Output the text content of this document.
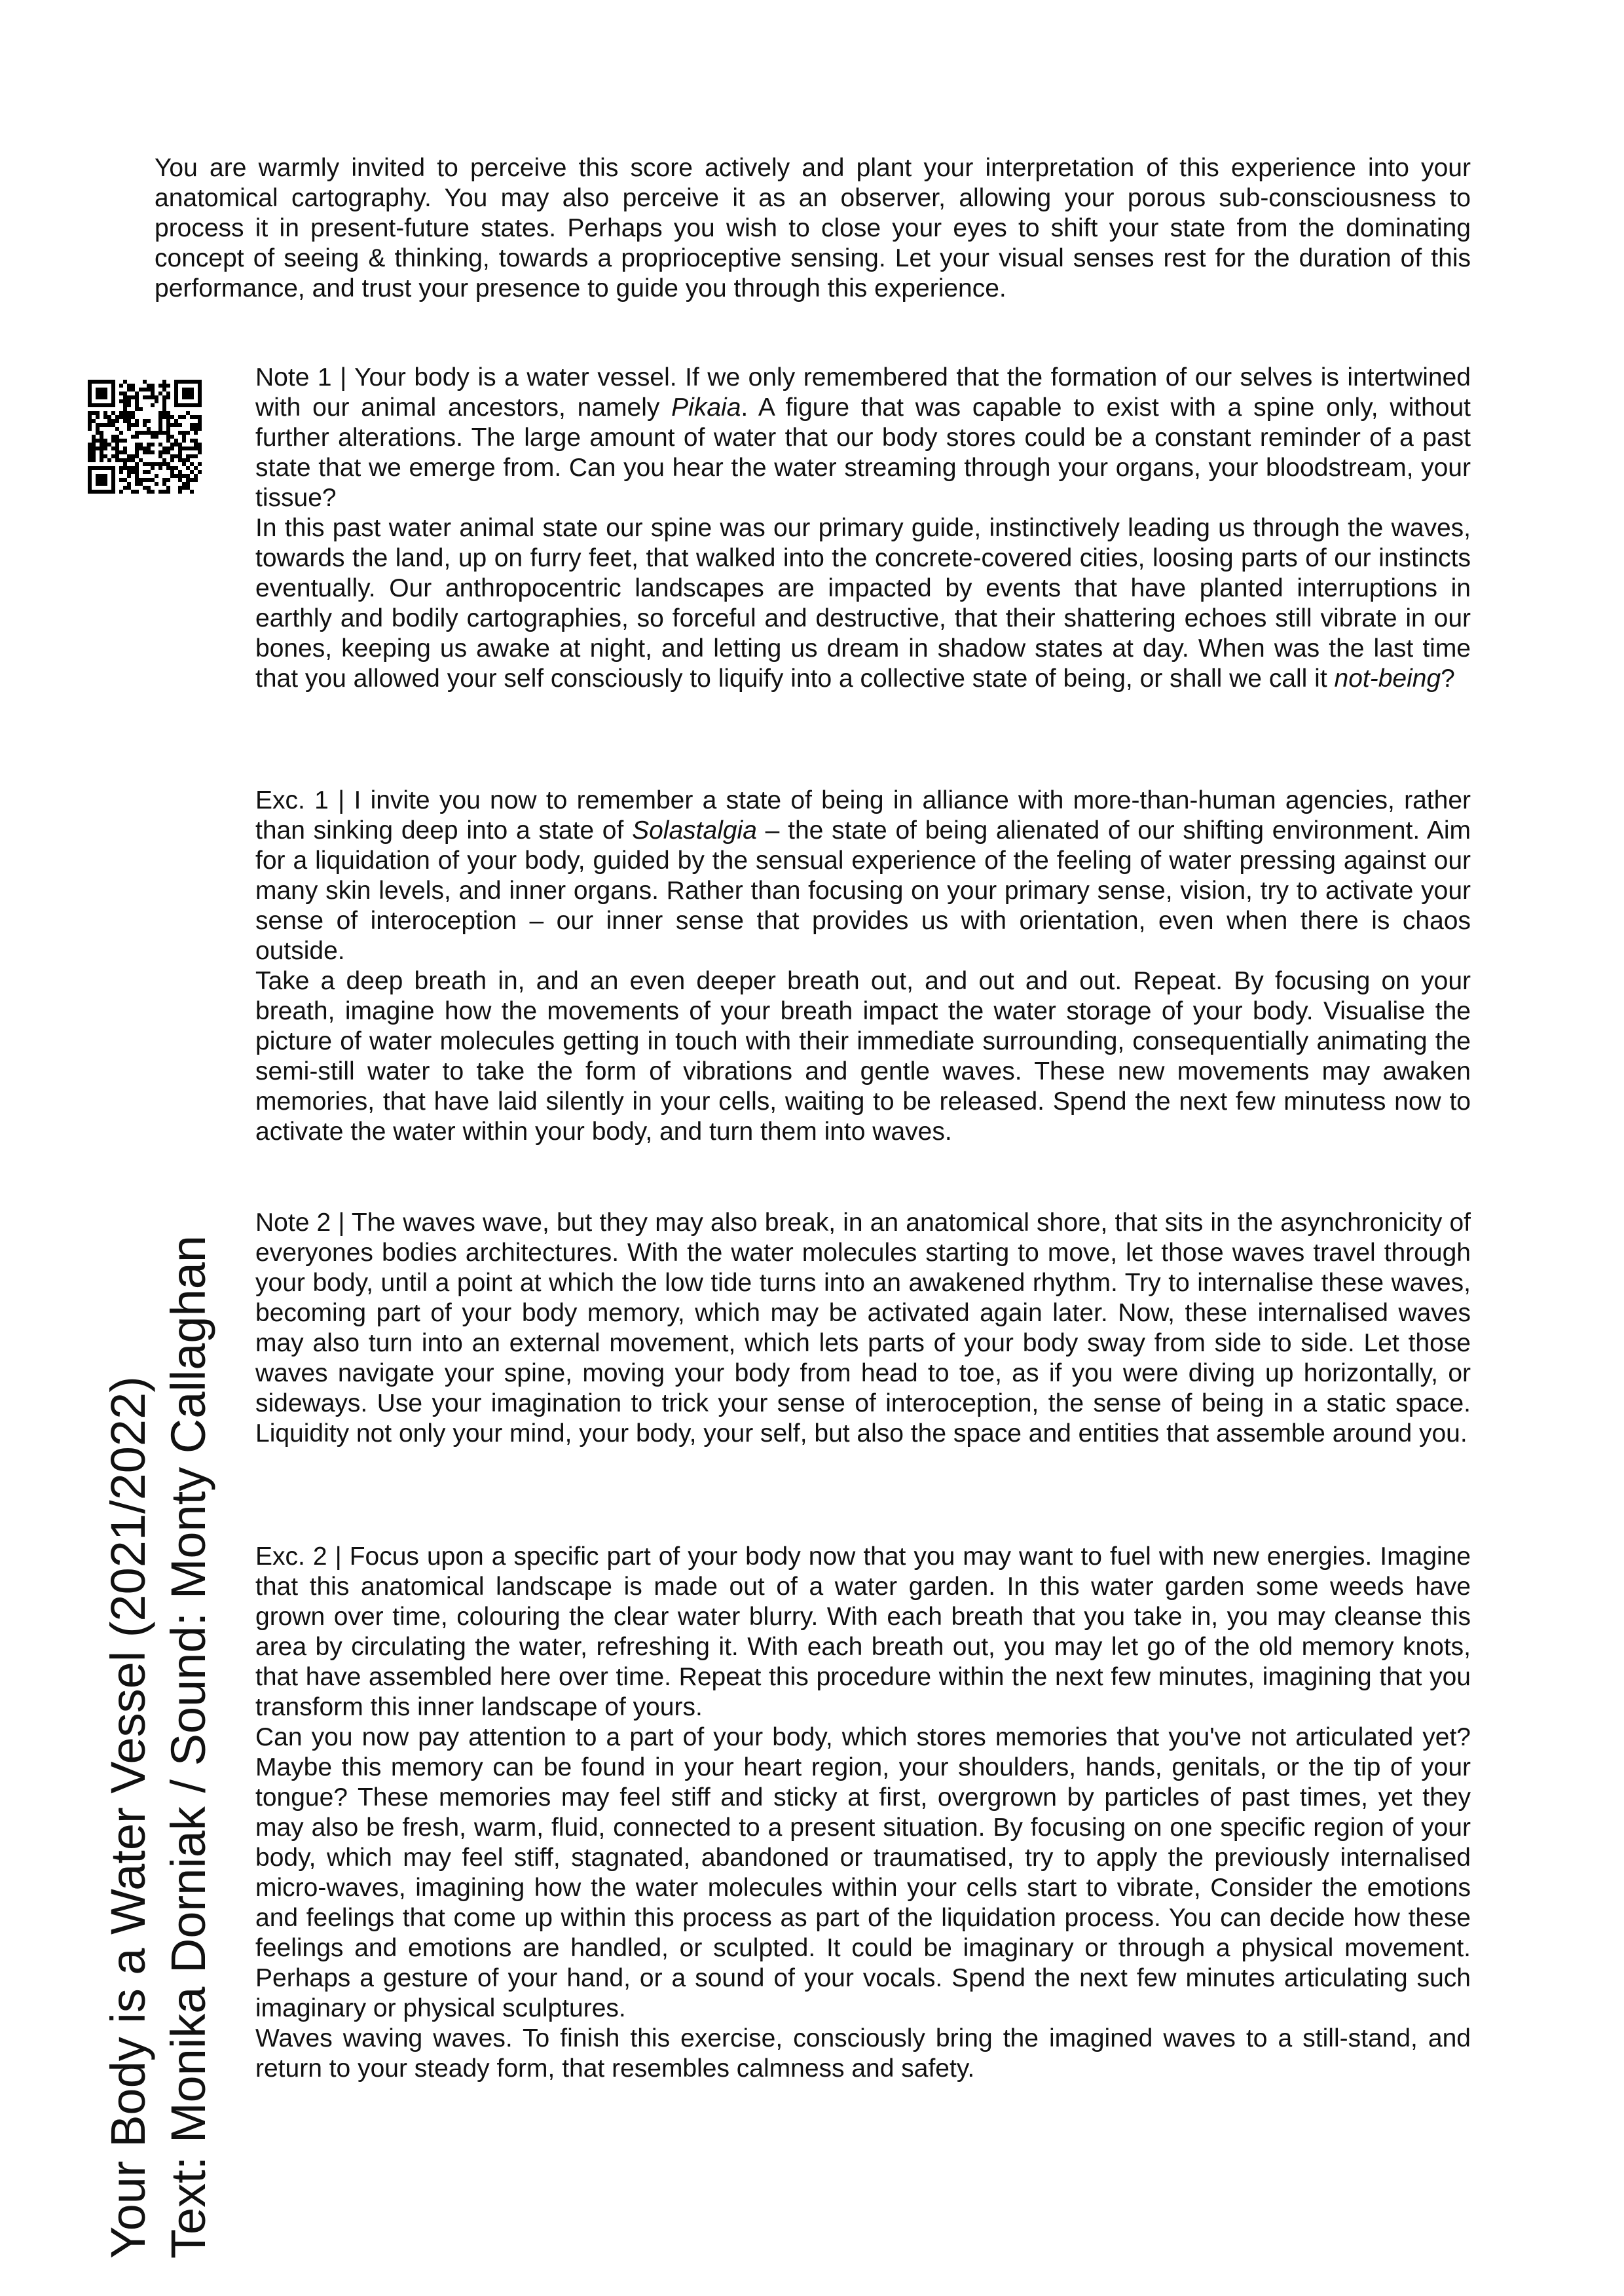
You are warmly invited to perceive this score actively and plant your interpretation of this experience into your anatomical cartography. You may also perceive it as an observer, allowing your porous sub-consciousness to process it in present-future states. Perhaps you wish to close your eyes to shift your state from the dominating concept of seeing & thinking, towards a proprioceptive sensing. Let your visual senses rest for the duration of this performance, and trust your presence to guide you through this experience.

Note 1 | Your body is a water vessel. If we only remembered that the formation of our selves is intertwined with our animal ancestors, namely Pikaia. A figure that was capable to exist with a spine only, without further alterations. The large amount of water that our body stores could be a constant reminder of a past state that we emerge from. Can you hear the water streaming through your organs, your bloodstream, your tissue?

In this past water animal state our spine was our primary guide, instinctively leading us through the waves, towards the land, up on furry feet, that walked into the concrete-covered cities, loosing parts of our instincts eventually. Our anthropocentric landscapes are impacted by events that have planted interruptions in earthly and bodily cartographies, so forceful and destructive, that their shattering echoes still vibrate in our bones, keeping us awake at night, and letting us dream in shadow states at day. When was the last time that you allowed your self consciously to liquify into a collective state of being, or shall we call it not-being?

Exc. 1 | I invite you now to remember a state of being in alliance with more-than-human agencies, rather than sinking deep into a state of Solastalgia – the state of being alienated of our shifting environment. Aim for a liquidation of your body, guided by the sensual experience of the feeling of water pressing against our many skin levels, and inner organs. Rather than focusing on your primary sense, vision, try to activate your sense of interoception – our inner sense that provides us with orientation, even when there is chaos outside.

Take a deep breath in, and an even deeper breath out, and out and out. Repeat. By focusing on your breath, imagine how the movements of your breath impact the water storage of your body. Visualise the picture of water molecules getting in touch with their immediate surrounding, consequentially animating the semi-still water to take the form of vibrations and gentle waves. These new movements may awaken memories, that have laid silently in your cells, waiting to be released. Spend the next few minutess now to activate the water within your body, and turn them into waves.

Note 2 | The waves wave, but they may also break, in an anatomical shore, that sits in the asynchronicity of everyones bodies architectures. With the water molecules starting to move, let those waves travel through your body, until a point at which the low tide turns into an awakened rhythm. Try to internalise these waves, becoming part of your body memory, which may be activated again later. Now, these internalised waves may also turn into an external movement, which lets parts of your body sway from side to side. Let those waves navigate your spine, moving your body from head to toe, as if you were diving up horizontally, or sideways. Use your imagination to trick your sense of interoception, the sense of being in a static space. Liquidity not only your mind, your body, your self, but also the space and entities that assemble around you.

Exc. 2 | Focus upon a specific part of your body now that you may want to fuel with new energies. Imagine that this anatomical landscape is made out of a water garden. In this water garden some weeds have grown over time, colouring the clear water blurry. With each breath that you take in, you may cleanse this area by circulating the water, refreshing it. With each breath out, you may let go of the old memory knots, that have assembled here over time. Repeat this procedure within the next few minutes, imagining that you transform this inner landscape of yours.

Can you now pay attention to a part of your body, which stores memories that you've not articulated yet? Maybe this memory can be found in your heart region, your shoulders, hands, genitals, or the tip of your tongue? These memories may feel stiff and sticky at first, overgrown by particles of past times, yet they may also be fresh, warm, fluid, connected to a present situation. By focusing on one specific region of your body, which may feel stiff, stagnated, abandoned or traumatised, try to apply the previously internalised micro-waves, imagining how the water molecules within your cells start to vibrate, Consider the emotions and feelings that come up within this process as part of the liquidation process. You can decide how these feelings and emotions are handled, or sculpted. It could be imaginary or through a physical movement. Perhaps a gesture of your hand, or a sound of your vocals. Spend the next few minutes articulating such imaginary or physical sculptures.

Waves waving waves. To finish this exercise, consciously bring the imagined waves to a still-stand, and return to your steady form, that resembles calmness and safety.

Your Body is a Water Vessel (2021/2022) Text: Monika Dorniak / Sound: Monty Callaghan
